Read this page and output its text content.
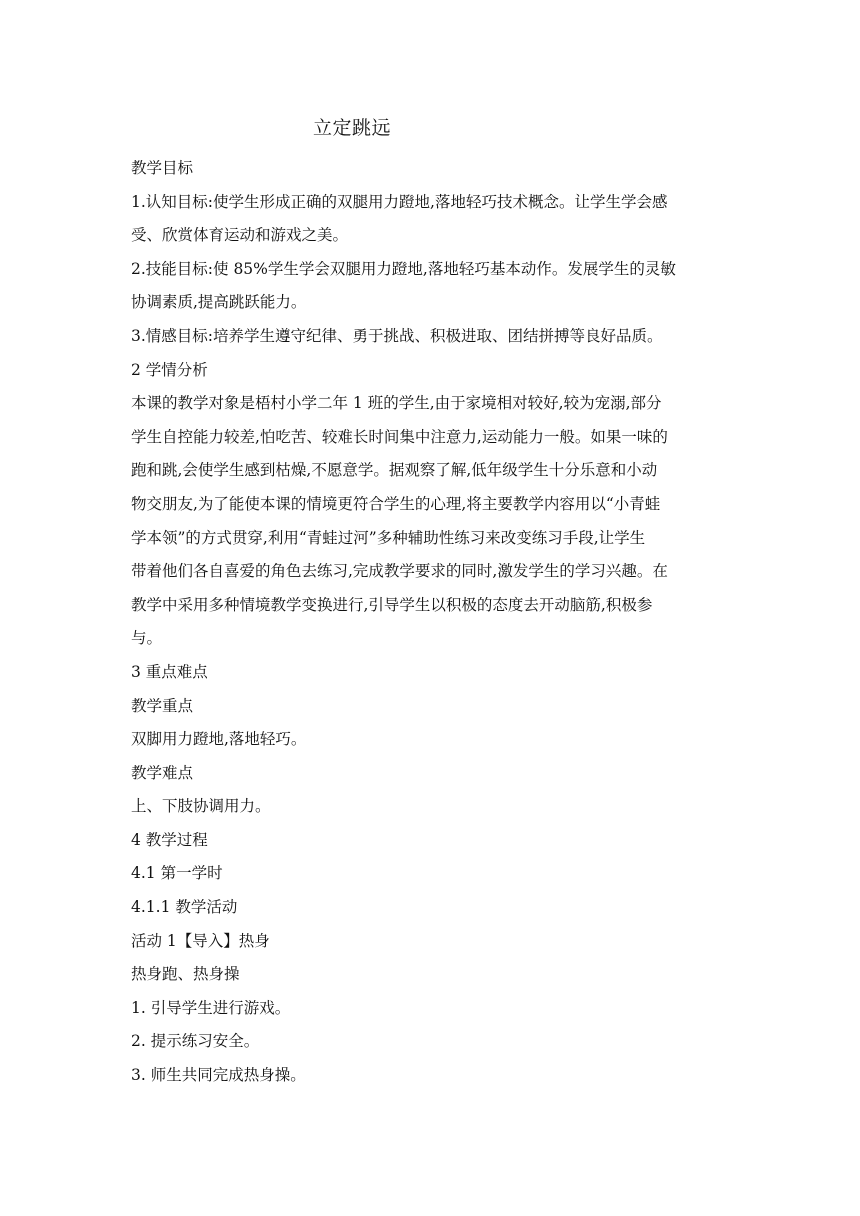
立定跳远
教学目标
1.认知目标:使学生形成正确的双腿用力蹬地,落地轻巧技术概念。让学生学会感
受、欣赏体育运动和游戏之美。
2.技能目标:使 85%学生学会双腿用力蹬地,落地轻巧基本动作。发展学生的灵敏
协调素质,提高跳跃能力。
3.情感目标:培养学生遵守纪律、勇于挑战、积极进取、团结拼搏等良好品质。
2 学情分析
本课的教学对象是梧村小学二年 1 班的学生,由于家境相对较好,较为宠溺,部分
学生自控能力较差,怕吃苦、较难长时间集中注意力,运动能力一般。如果一味的
跑和跳,会使学生感到枯燥,不愿意学。据观察了解,低年级学生十分乐意和小动
物交朋友,为了能使本课的情境更符合学生的心理,将主要教学内容用以“小青蛙
学本领”的方式贯穿,利用“青蛙过河”多种辅助性练习来改变练习手段,让学生
带着他们各自喜爱的角色去练习,完成教学要求的同时,激发学生的学习兴趣。在
教学中采用多种情境教学变换进行,引导学生以积极的态度去开动脑筋,积极参
与。
3 重点难点
教学重点
双脚用力蹬地,落地轻巧。
教学难点
上、下肢协调用力。
4 教学过程
4.1 第一学时
4.1.1 教学活动
活动 1【导入】热身
热身跑、热身操
1. 引导学生进行游戏。
2. 提示练习安全。
3. 师生共同完成热身操。
